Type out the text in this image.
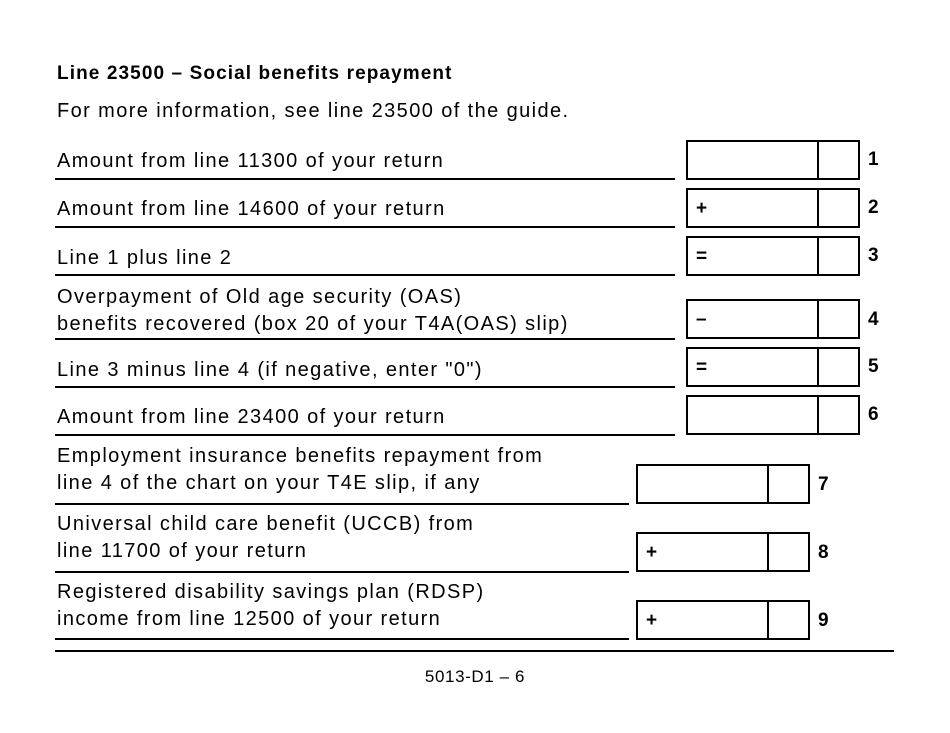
Line 23500 – Social benefits repayment
For more information, see line 23500 of the guide.
Amount from line 11300 of your return	1
Amount from line 14600 of your return	+	2
Line 1 plus line 2	=	3
Overpayment of Old age security (OAS)
benefits recovered (box 20 of your T4A(OAS) slip)	–	4
Line 3 minus line 4 (if negative, enter "0")	=	5
Amount from line 23400 of your return	6
Employment insurance benefits repayment from
line 4 of the chart on your T4E slip, if any	7
Universal child care benefit (UCCB) from
line 11700 of your return	+	8
Registered disability savings plan (RDSP)
income from line 12500 of your return	+	9
5013-D1 – 6
